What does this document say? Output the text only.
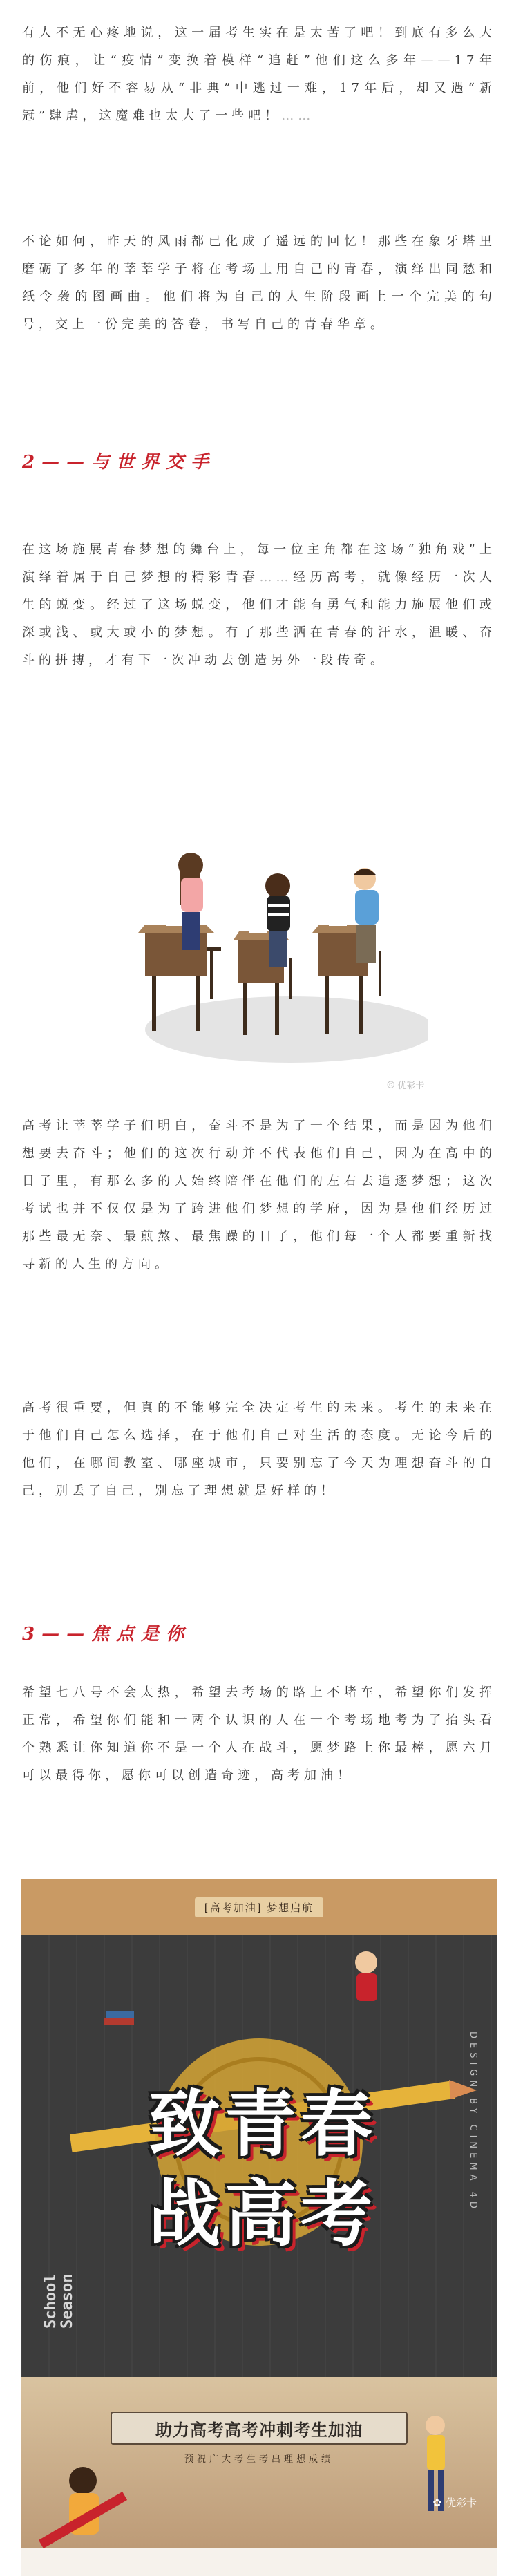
有人不无心疼地说，这一届考生实在是太苦了吧！到底有多么大的伤痕，让“疫情”变换着模样“追赶”他们这么多年——17年前，他们好不容易从“非典”中逃过一难，17年后，却又遇“新冠”肆虐，这魔难也太大了一些吧！……

不论如何，昨天的风雨都已化成了遥远的回忆！那些在象牙塔里磨砺了多年的莘莘学子将在考场上用自己的青春，演绎出同愁和纸令袭的图画曲。他们将为自己的人生阶段画上一个完美的句号，交上一份完美的答卷，书写自己的青春华章。

2——与世界交手

在这场施展青春梦想的舞台上，每一位主角都在这场“独角戏”上演绎着属于自己梦想的精彩青春……经历高考，就像经历一次人生的蜕变。经过了这场蜕变，他们才能有勇气和能力施展他们或深或浅、或大或小的梦想。有了那些洒在青春的汗水，温暖、奋斗的拼搏，才有下一次冲动去创造另外一段传奇。

◎ 优彩卡

高考让莘莘学子们明白，奋斗不是为了一个结果，而是因为他们想要去奋斗；他们的这次行动并不代表他们自己，因为在高中的日子里，有那么多的人始终陪伴在他们的左右去追逐梦想；这次考试也并不仅仅是为了跨进他们梦想的学府，因为是他们经历过那些最无奈、最煎熬、最焦躁的日子，他们每一个人都要重新找寻新的人生的方向。

高考很重要，但真的不能够完全决定考生的未来。考生的未来在于他们自己怎么选择，在于他们自己对生活的态度。无论今后的他们，在哪间教室、哪座城市，只要别忘了今天为理想奋斗的自己，别丢了自己，别忘了理想就是好样的！

3——焦点是你

希望七八号不会太热，希望去考场的路上不堵车，希望你们发挥正常，希望你们能和一两个认识的人在一个考场地考为了抬头看个熟悉让你知道你不是一个人在战斗，愿梦路上你最棒，愿六月可以最得你，愿你可以创造奇迹，高考加油！

[高考加油] 梦想启航
DESIGN BY CINEMA 4D
School
Season
致青春
战高考
助力高考高考冲刺考生加油
预祝广大考生考出理想成绩
✿ 优彩卡
